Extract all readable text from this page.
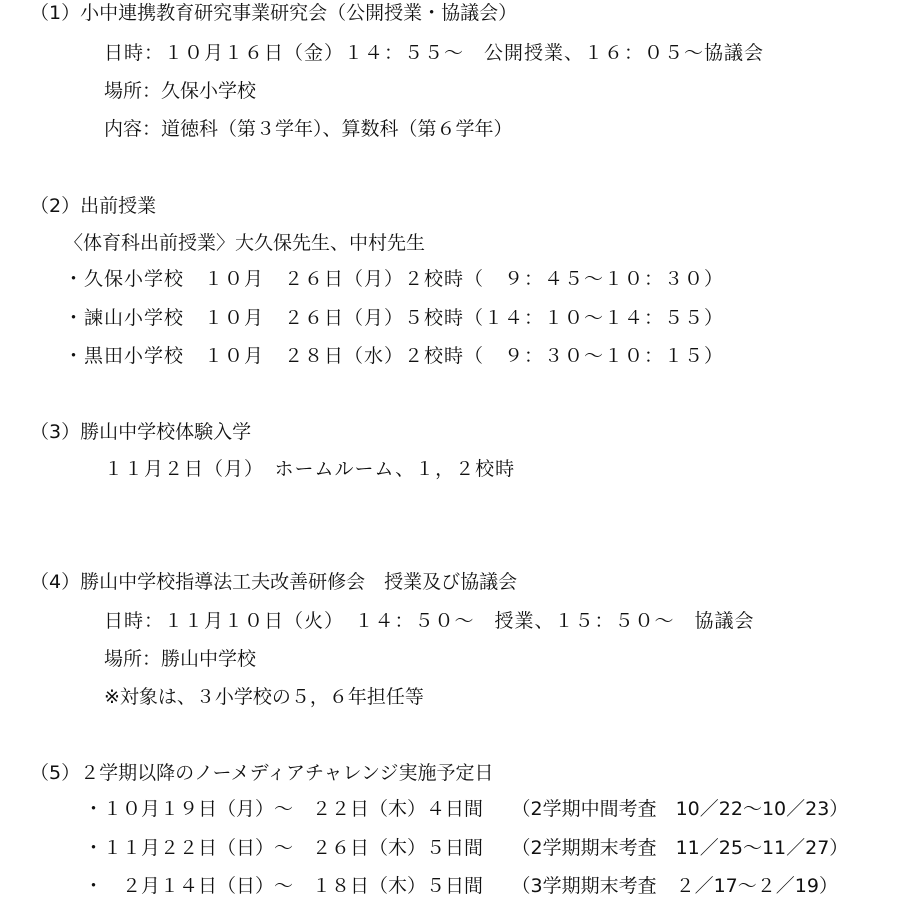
（1）小中連携教育研究事業研究会（公開授業・協議会）
日時：１０月１６日（金）１４：５５～　公開授業、１６：０５～協議会
場所：久保小学校
内容：道徳科（第３学年）、算数科（第６学年）
（2）出前授業
〈体育科出前授業〉大久保先生、中村先生
・久保小学校　１０月　２６日（月）２校時（　９：４５～１０：３０）
・諫山小学校　１０月　２６日（月）５校時（１４：１０～１４：５５）
・黒田小学校　１０月　２８日（水）２校時（　９：３０～１０：１５）
（3）勝山中学校体験入学
１１月２日（月）　ホームルーム、１，２校時
（4）勝山中学校指導法工夫改善研修会　授業及び協議会
日時：１１月１０日（火）　１４：５０～　授業、１５：５０～　協議会
場所：勝山中学校
※対象は、３小学校の５，６年担任等
（5）２学期以降のノーメディアチャレンジ実施予定日
・１０月１９日（月）～　２２日（木）４日間　　（2学期中間考査　10／22～10／23）
・１１月２２日（日）～　２６日（木）５日間　　（2学期期末考査　11／25～11／27）
・　２月１４日（日）～　１８日（木）５日間　　（3学期期末考査　２／17～２／19）
